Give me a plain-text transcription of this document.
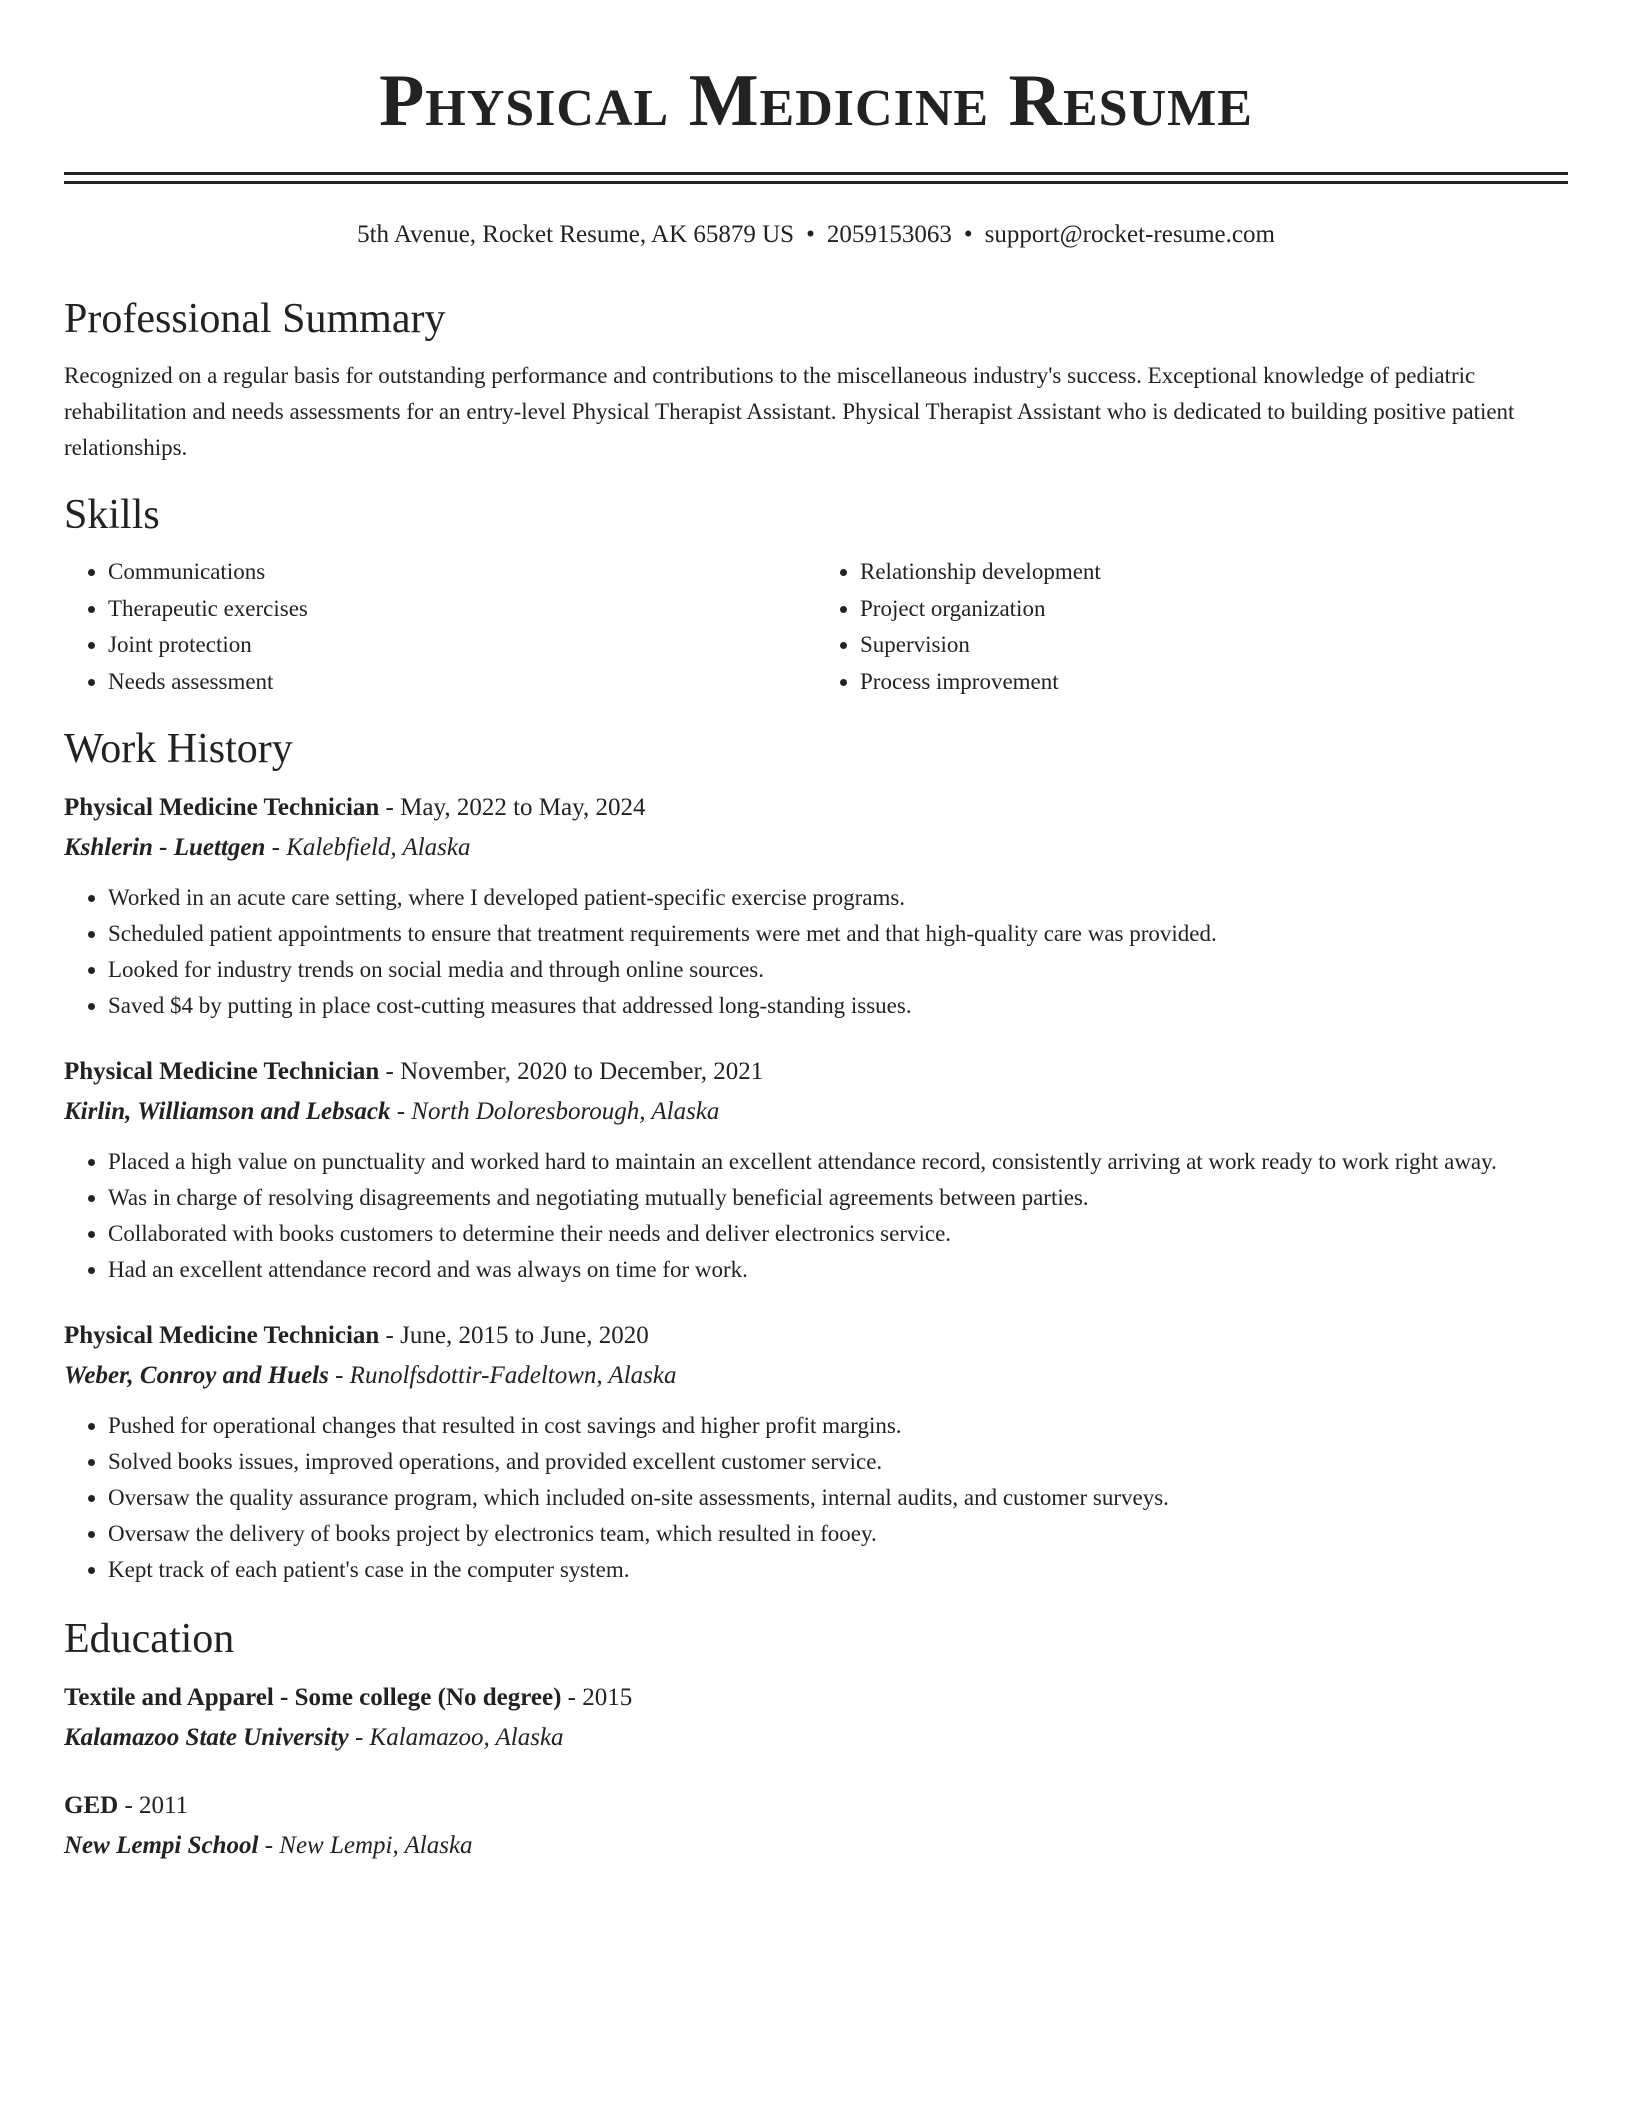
Physical Medicine Resume
5th Avenue, Rocket Resume, AK 65879 US • 2059153063 • support@rocket-resume.com
Professional Summary

Recognized on a regular basis for outstanding performance and contributions to the miscellaneous industry's success. Exceptional knowledge of pediatric rehabilitation and needs assessments for an entry-level Physical Therapist Assistant. Physical Therapist Assistant who is dedicated to building positive patient relationships.

Skills
• Communications
• Therapeutic exercises
• Joint protection
• Needs assessment
• Relationship development
• Project organization
• Supervision
• Process improvement
Work History
Physical Medicine Technician - May, 2022 to May, 2024
Kshlerin - Luettgen - Kalebfield, Alaska
• Worked in an acute care setting, where I developed patient-specific exercise programs.
• Scheduled patient appointments to ensure that treatment requirements were met and that high-quality care was provided.
• Looked for industry trends on social media and through online sources.
• Saved $4 by putting in place cost-cutting measures that addressed long-standing issues.
Physical Medicine Technician - November, 2020 to December, 2021
Kirlin, Williamson and Lebsack - North Doloresborough, Alaska
• Placed a high value on punctuality and worked hard to maintain an excellent attendance record, consistently arriving at work ready to work right away.
• Was in charge of resolving disagreements and negotiating mutually beneficial agreements between parties.
• Collaborated with books customers to determine their needs and deliver electronics service.
• Had an excellent attendance record and was always on time for work.
Physical Medicine Technician - June, 2015 to June, 2020
Weber, Conroy and Huels - Runolfsdottir-Fadeltown, Alaska
• Pushed for operational changes that resulted in cost savings and higher profit margins.
• Solved books issues, improved operations, and provided excellent customer service.
• Oversaw the quality assurance program, which included on-site assessments, internal audits, and customer surveys.
• Oversaw the delivery of books project by electronics team, which resulted in fooey.
• Kept track of each patient's case in the computer system.
Education
Textile and Apparel - Some college (No degree) - 2015
Kalamazoo State University - Kalamazoo, Alaska
GED - 2011
New Lempi School - New Lempi, Alaska
